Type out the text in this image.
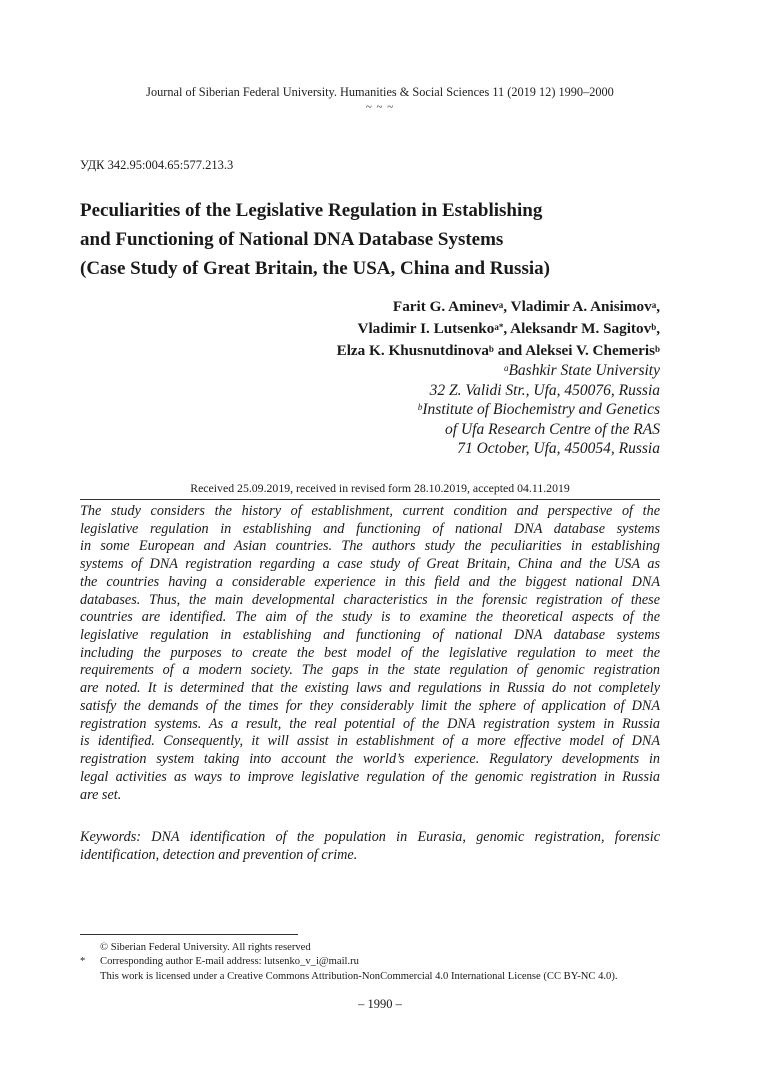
Journal of Siberian Federal University. Humanities & Social Sciences 11 (2019 12) 1990–2000
~ ~ ~
УДК 342.95:004.65:577.213.3
Peculiarities of the Legislative Regulation in Establishing
and Functioning of National DNA Database Systems
(Case Study of Great Britain, the USA, China and Russia)
Farit G. Aminev$^a$, Vladimir A. Anisimov$^a$,
Vladimir I. Lutsenko$^{a*}$, Aleksandr M. Sagitov$^b$,
Elza K. Khusnutdinova$^b$ and Aleksei V. Chemeris$^b$
$^a$Bashkir State University
32 Z. Validi Str., Ufa, 450076, Russia
$^b$Institute of Biochemistry and Genetics
of Ufa Research Centre of the RAS
71 October, Ufa, 450054, Russia
Received 25.09.2019, received in revised form 28.10.2019, accepted 04.11.2019
The study considers the history of establishment, current condition and perspective of the
legislative regulation in establishing and functioning of national DNA database systems
in some European and Asian countries. The authors study the peculiarities in establishing
systems of DNA registration regarding a case study of Great Britain, China and the USA as
the countries having a considerable experience in this field and the biggest national DNA
databases. Thus, the main developmental characteristics in the forensic registration of these
countries are identified. The aim of the study is to examine the theoretical aspects of the
legislative regulation in establishing and functioning of national DNA database systems
including the purposes to create the best model of the legislative regulation to meet the
requirements of a modern society. The gaps in the state regulation of genomic registration
are noted. It is determined that the existing laws and regulations in Russia do not completely
satisfy the demands of the times for they considerably limit the sphere of application of DNA
registration systems. As a result, the real potential of the DNA registration system in Russia
is identified. Consequently, it will assist in establishment of a more effective model of DNA
registration system taking into account the world’s experience. Regulatory developments in
legal activities as ways to improve legislative regulation of the genomic registration in Russia
are set.
Keywords: DNA identification of the population in Eurasia, genomic registration, forensic
identification, detection and prevention of crime.
© Siberian Federal University. All rights reserved
* Corresponding author E-mail address: lutsenko_v_i@mail.ru
This work is licensed under a Creative Commons Attribution-NonCommercial 4.0 International License (CC BY-NC 4.0).
– 1990 –
